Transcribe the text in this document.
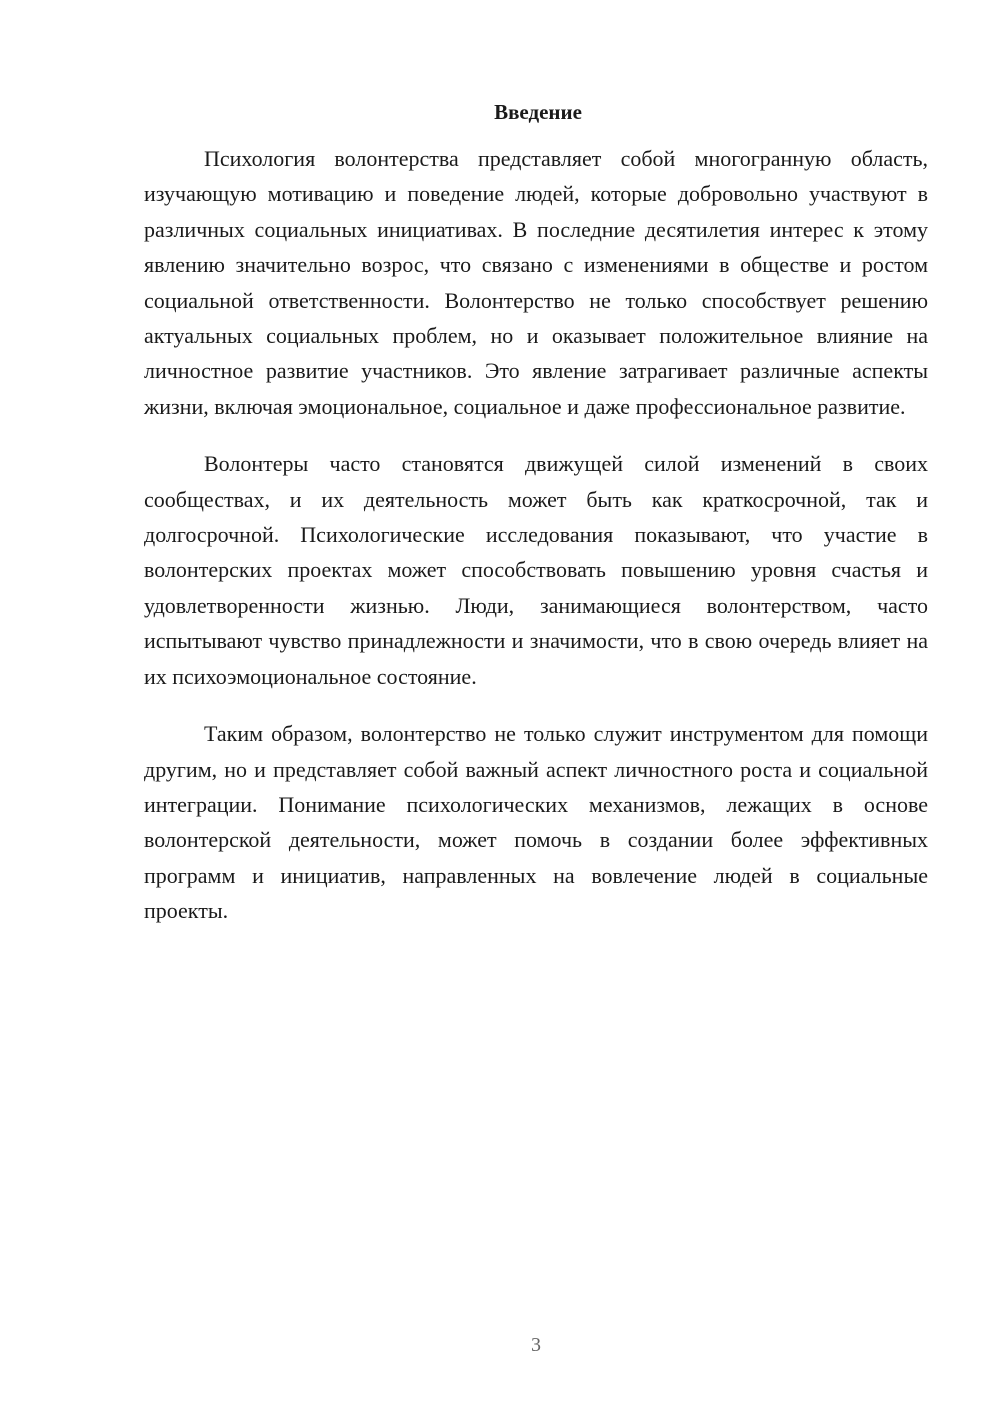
Введение

Психология волонтерства представляет собой многогранную область, изучающую мотивацию и поведение людей, которые добровольно участвуют в различных социальных инициативах. В последние десятилетия интерес к этому явлению значительно возрос, что связано с изменениями в обществе и ростом социальной ответственности. Волонтерство не только способствует решению актуальных социальных проблем, но и оказывает положительное влияние на личностное развитие участников. Это явление затрагивает различные аспекты жизни, включая эмоциональное, социальное и даже профессиональное развитие.

Волонтеры часто становятся движущей силой изменений в своих сообществах, и их деятельность может быть как краткосрочной, так и долгосрочной. Психологические исследования показывают, что участие в волонтерских проектах может способствовать повышению уровня счастья и удовлетворенности жизнью. Люди, занимающиеся волонтерством, часто испытывают чувство принадлежности и значимости, что в свою очередь влияет на их психоэмоциональное состояние.

Таким образом, волонтерство не только служит инструментом для помощи другим, но и представляет собой важный аспект личностного роста и социальной интеграции. Понимание психологических механизмов, лежащих в основе волонтерской деятельности, может помочь в создании более эффективных программ и инициатив, направленных на вовлечение людей в социальные проекты.

3
